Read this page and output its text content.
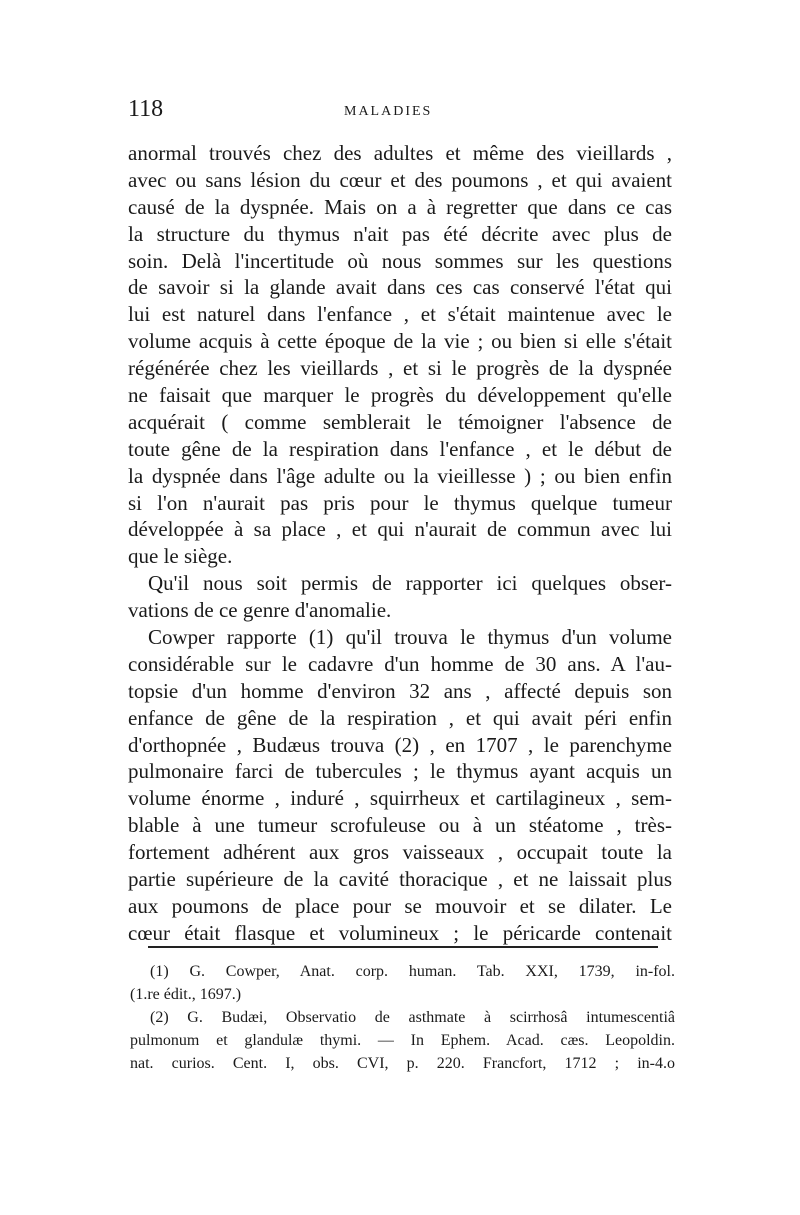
118	MALADIES
anormal trouvés chez des adultes et même des vieillards ,
avec ou sans lésion du cœur et des poumons , et qui avaient
causé de la dyspnée. Mais on a à regretter que dans ce cas
la structure du thymus n'ait pas été décrite avec plus de
soin. Delà l'incertitude où nous sommes sur les questions
de savoir si la glande avait dans ces cas conservé l'état qui
lui est naturel dans l'enfance , et s'était maintenue avec le
volume acquis à cette époque de la vie ; ou bien si elle s'était
régénérée chez les vieillards , et si le progrès de la dyspnée
ne faisait que marquer le progrès du développement qu'elle
acquérait ( comme semblerait le témoigner l'absence de
toute gêne de la respiration dans l'enfance , et le début de
la dyspnée dans l'âge adulte ou la vieillesse ) ; ou bien enfin
si l'on n'aurait pas pris pour le thymus quelque tumeur
développée à sa place , et qui n'aurait de commun avec lui
que le siège.
Qu'il nous soit permis de rapporter ici quelques obser-
vations de ce genre d'anomalie.
Cowper rapporte (1) qu'il trouva le thymus d'un volume
considérable sur le cadavre d'un homme de 30 ans. A l'au-
topsie d'un homme d'environ 32 ans , affecté depuis son
enfance de gêne de la respiration , et qui avait péri enfin
d'orthopnée , Budæus trouva (2) , en 1707 , le parenchyme
pulmonaire farci de tubercules ; le thymus ayant acquis un
volume énorme , induré , squirrheux et cartilagineux , sem-
blable à une tumeur scrofuleuse ou à un stéatome , très-
fortement adhérent aux gros vaisseaux , occupait toute la
partie supérieure de la cavité thoracique , et ne laissait plus
aux poumons de place pour se mouvoir et se dilater. Le
cœur était flasque et volumineux ; le péricarde contenait
(1) G. Cowper, Anat. corp. human. Tab. XXI, 1739, in-fol.
(1.re édit., 1697.)
(2) G. Budæi, Observatio de asthmate à scirrhosâ intumescentiâ
pulmonum et glandulæ thymi. — In Ephem. Acad. cæs. Leopoldin.
nat. curios. Cent. I, obs. CVI, p. 220. Francfort, 1712 ; in-4.o
